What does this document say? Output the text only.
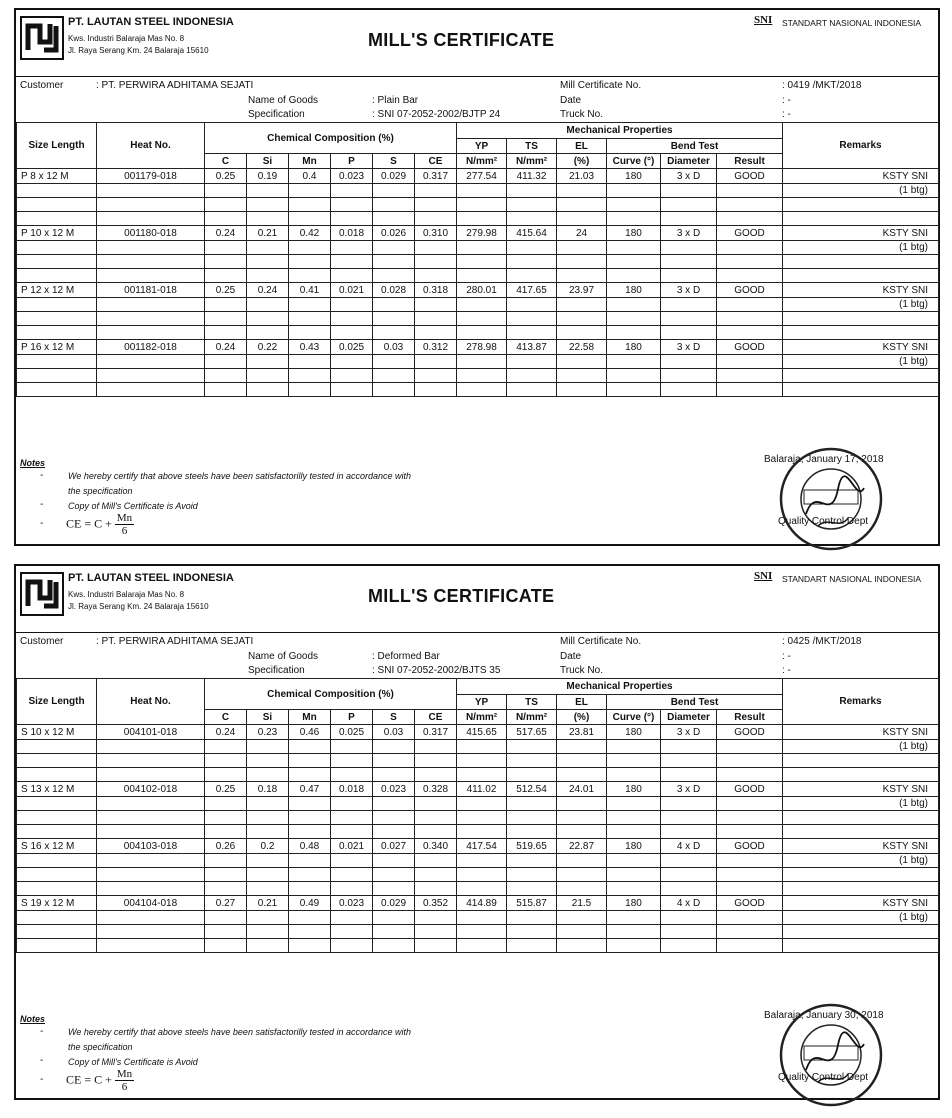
PT. LAUTAN STEEL INDONESIA
Kws. Industri Balaraja Mas No. 8
Jl. Raya Serang Km. 24 Balaraja 15610
MILL'S CERTIFICATE
SNI STANDART NASIONAL INDONESIA
Customer	: PT. PERWIRA ADHITAMA SEJATI
Name of Goods	: Plain Bar
Specification	: SNI 07-2052-2002/BJTP 24
Mill Certificate No.	: 0419 /MKT/2018
Date	: -
Truck No.	: -
Size Length	Heat No.	Chemical Composition (%)						Mechanical Properties						Remarks
								YP	TS	EL	Bend Test			
		C	Si	Mn	P	S	CE	N/mm²	N/mm²	(%)	Curve (°)	Diameter	Result	
P 8 x 12 M	001179-018	0.25	0.19	0.4	0.023	0.029	0.317	277.54	411.32	21.03	180	3 x D	GOOD	KSTY SNI
														(1 btg)

P 10 x 12 M	001180-018	0.24	0.21	0.42	0.018	0.026	0.310	279.98	415.64	24	180	3 x D	GOOD	KSTY SNI
														(1 btg)

P 12 x 12 M	001181-018	0.25	0.24	0.41	0.021	0.028	0.318	280.01	417.65	23.97	180	3 x D	GOOD	KSTY SNI
														(1 btg)

P 16 x 12 M	001182-018	0.24	0.22	0.43	0.025	0.03	0.312	278.98	413.87	22.58	180	3 x D	GOOD	KSTY SNI
														(1 btg)

Notes
-	We hereby certify that above steels have been satisfactorilly tested in accordance with
the specification
-	Copy of Mill's Certificate is Avoid
- CE = $C + \frac{Mn}{6}$
Balaraja, January 17, 2018
Quality Control Dept
PT. LAUTAN STEEL INDONESIA
Kws. Industri Balaraja Mas No. 8
Jl. Raya Serang Km. 24 Balaraja 15610
MILL'S CERTIFICATE
SNI STANDART NASIONAL INDONESIA
Customer	: PT. PERWIRA ADHITAMA SEJATI
Name of Goods	: Deformed Bar
Specification	: SNI 07-2052-2002/BJTS 35
Mill Certificate No.	: 0425 /MKT/2018
Date	: -
Truck No.	: -
Size Length	Heat No.	Chemical Composition (%)						Mechanical Properties						Remarks
								YP	TS	EL	Bend Test			
		C	Si	Mn	P	S	CE	N/mm²	N/mm²	(%)	Curve (°)	Diameter	Result	
S 10 x 12 M	004101-018	0.24	0.23	0.46	0.025	0.03	0.317	415.65	517.65	23.81	180	3 x D	GOOD	KSTY SNI
														(1 btg)

S 13 x 12 M	004102-018	0.25	0.18	0.47	0.018	0.023	0.328	411.02	512.54	24.01	180	3 x D	GOOD	KSTY SNI
														(1 btg)

S 16 x 12 M	004103-018	0.26	0.2	0.48	0.021	0.027	0.340	417.54	519.65	22.87	180	4 x D	GOOD	KSTY SNI
														(1 btg)

S 19 x 12 M	004104-018	0.27	0.21	0.49	0.023	0.029	0.352	414.89	515.87	21.5	180	4 x D	GOOD	KSTY SNI
														(1 btg)

Notes
-	We hereby certify that above steels have been satisfactorilly tested in accordance with
the specification
-	Copy of Mill's Certificate is Avoid
- CE = $C + \frac{Mn}{6}$
Balaraja, January 30, 2018
Quality Control Dept
